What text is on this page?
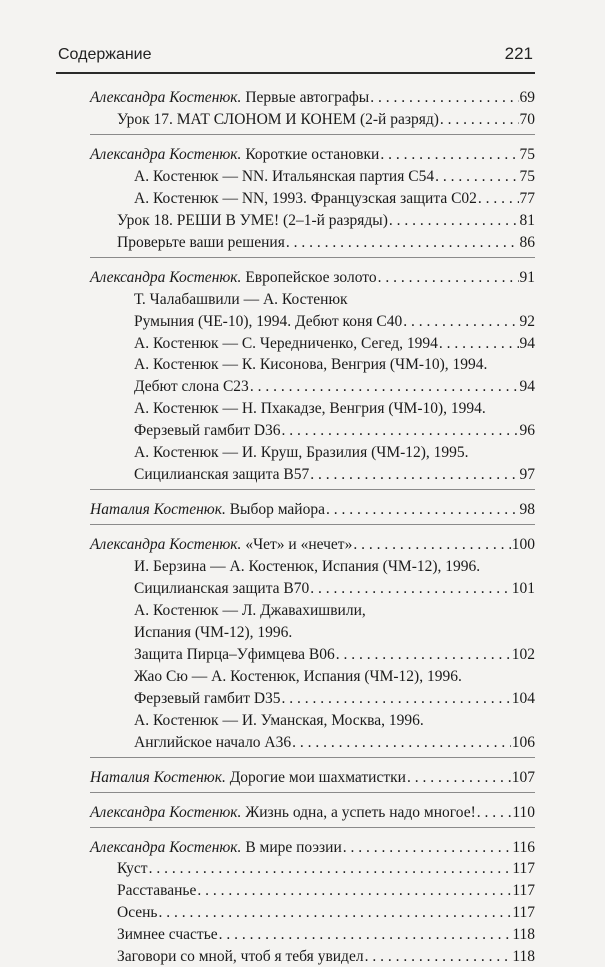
Содержание	221
Александра Костенюк. Первые автографы . . .	69
Урок 17. МАТ СЛОНОМ И КОНЕМ (2-й разряд) . . .	70
Александра Костенюк. Короткие остановки . . .	75
А. Костенюк — NN. Итальянская партия С54 . . .	75
А. Костенюк — NN, 1993. Французская защита С02 . . .	77
Урок 18. РЕШИ В УМЕ! (2–1-й разряды) . . .	81
Проверьте ваши решения . . .	86
Александра Костенюк. Европейское золото . . .	91
Т. Чалабашвили — А. Костенюк
Румыния (ЧЕ-10), 1994. Дебют коня С40 . . .	92
А. Костенюк — С. Чередниченко, Сегед, 1994 . . .	94
А. Костенюк — К. Кисонова, Венгрия (ЧМ-10), 1994.
Дебют слона С23 . . .	94
А. Костенюк — Н. Пхакадзе, Венгрия (ЧМ-10), 1994.
Ферзевый гамбит D36 . . .	96
А. Костенюк — И. Круш, Бразилия (ЧМ-12), 1995.
Сицилианская защита В57 . . .	97
Наталия Костенюк. Выбор майора . . .	98
Александра Костенюк. «Чет» и «нечет» . . .	100
И. Берзина — А. Костенюк, Испания (ЧМ-12), 1996.
Сицилианская защита В70 . . .	101
А. Костенюк — Л. Джавахишвили,
Испания (ЧМ-12), 1996.
Защита Пирца–Уфимцева В06 . . .	102
Жао Сю — А. Костенюк, Испания (ЧМ-12), 1996.
Ферзевый гамбит D35 . . .	104
А. Костенюк — И. Уманская, Москва, 1996.
Английское начало А36 . . .	106
Наталия Костенюк. Дорогие мои шахматистки . . .	107
Александра Костенюк. Жизнь одна, а успеть надо многое! . . . 110
Александра Костенюк. В мире поэзии . . .	116
Куст . . .	117
Расставанье . . .	117
Осень . . .	117
Зимнее счастье . . .	118
Заговори со мной, чтоб я тебя увидел . . .	118
